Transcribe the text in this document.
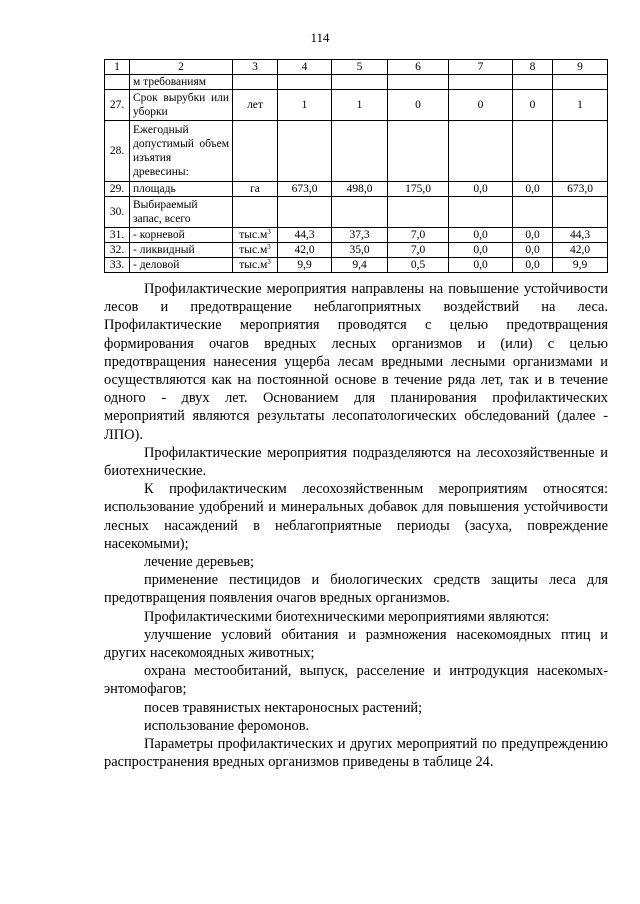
114
1	2	3	4	5	6	7	8	9
	м требованиям							
27.	Срок вырубки или уборки	лет	1	1	0	0	0	1
28.	Ежегодный допустимый объем изъятия древесины:							
29.	площадь	га	673,0	498,0	175,0	0,0	0,0	673,0
30.	Выбираемый запас, всего							
31.	- корневой	$тыс.м^3$	44,3	37,3	7,0	0,0	0,0	44,3
32.	- ликвидный	$тыс.м^3$	42,0	35,0	7,0	0,0	0,0	42,0
33.	- деловой	$тыс.м^3$	9,9	9,4	0,5	0,0	0,0	9,9

Профилактические мероприятия направлены на повышение устойчивости лесов и предотвращение неблагоприятных воздействий на леса. Профилактические мероприятия проводятся с целью предотвращения формирования очагов вредных лесных организмов и (или) с целью предотвращения нанесения ущерба лесам вредными лесными организмами и осуществляются как на постоянной основе в течение ряда лет, так и в течение одного - двух лет. Основанием для планирования профилактических мероприятий являются результаты лесопатологических обследований (далее - ЛПО).

Профилактические мероприятия подразделяются на лесохозяйственные и биотехнические.

К профилактическим лесохозяйственным мероприятиям относятся: использование удобрений и минеральных добавок для повышения устойчивости лесных насаждений в неблагоприятные периоды (засуха, повреждение насекомыми);

лечение деревьев;

применение пестицидов и биологических средств защиты леса для предотвращения появления очагов вредных организмов.

Профилактическими биотехническими мероприятиями являются:

улучшение условий обитания и размножения насекомоядных птиц и других насекомоядных животных;

охрана местообитаний, выпуск, расселение и интродукция насекомых-энтомофагов;

посев травянистых нектароносных растений;

использование феромонов.

Параметры профилактических и других мероприятий по предупреждению распространения вредных организмов приведены в таблице 24.
